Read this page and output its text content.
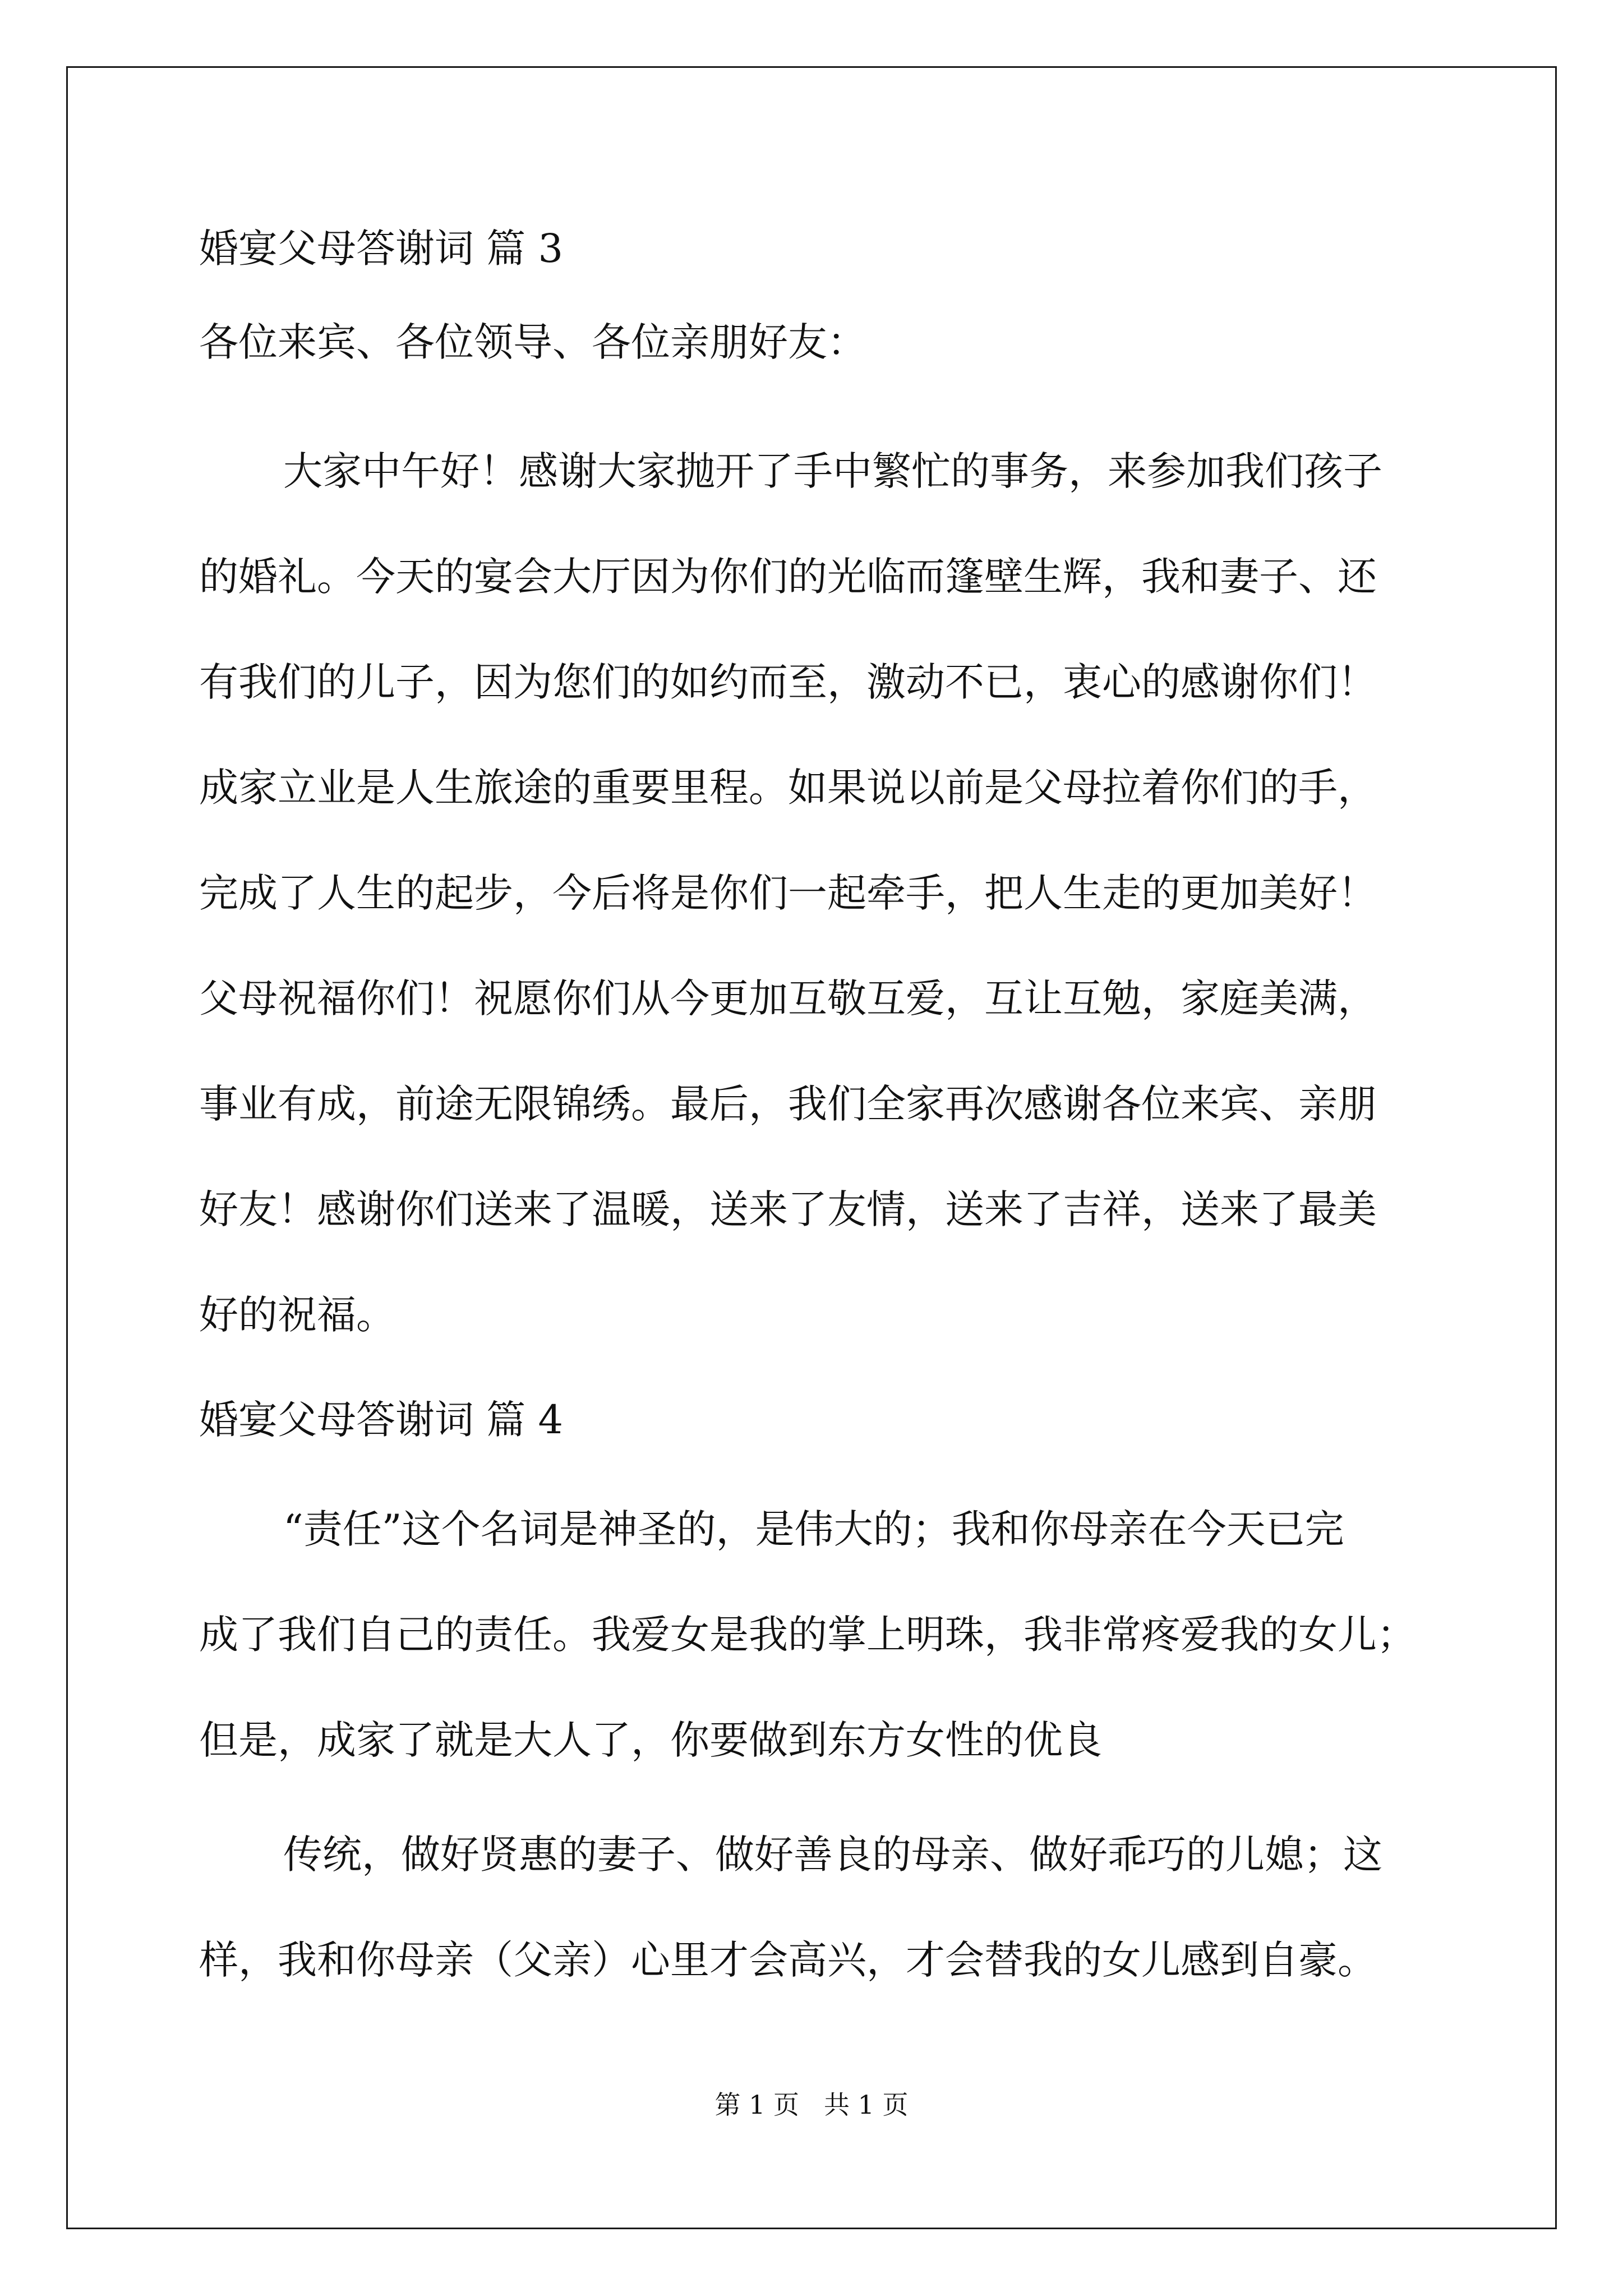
婚宴父母答谢词 篇 3
各位来宾、各位领导、各位亲朋好友：
大家中午好！感谢大家抛开了手中繁忙的事务，来参加我们孩子
的婚礼。今天的宴会大厅因为你们的光临而篷壁生辉，我和妻子、还
有我们的儿子，因为您们的如约而至，激动不已，衷心的感谢你们！
成家立业是人生旅途的重要里程。如果说以前是父母拉着你们的手，
完成了人生的起步，今后将是你们一起牵手，把人生走的更加美好！
父母祝福你们！祝愿你们从今更加互敬互爱，互让互勉，家庭美满，
事业有成，前途无限锦绣。最后，我们全家再次感谢各位来宾、亲朋
好友！感谢你们送来了温暖，送来了友情，送来了吉祥，送来了最美
好的祝福。
婚宴父母答谢词 篇 4
“责任”这个名词是神圣的，是伟大的；我和你母亲在今天已完
成了我们自己的责任。我爱女是我的掌上明珠，我非常疼爱我的女儿；
但是，成家了就是大人了，你要做到东方女性的优良
传统，做好贤惠的妻子、做好善良的母亲、做好乖巧的儿媳；这
样，我和你母亲（父亲）心里才会高兴，才会替我的女儿感到自豪。
第 1 页 共 1 页
